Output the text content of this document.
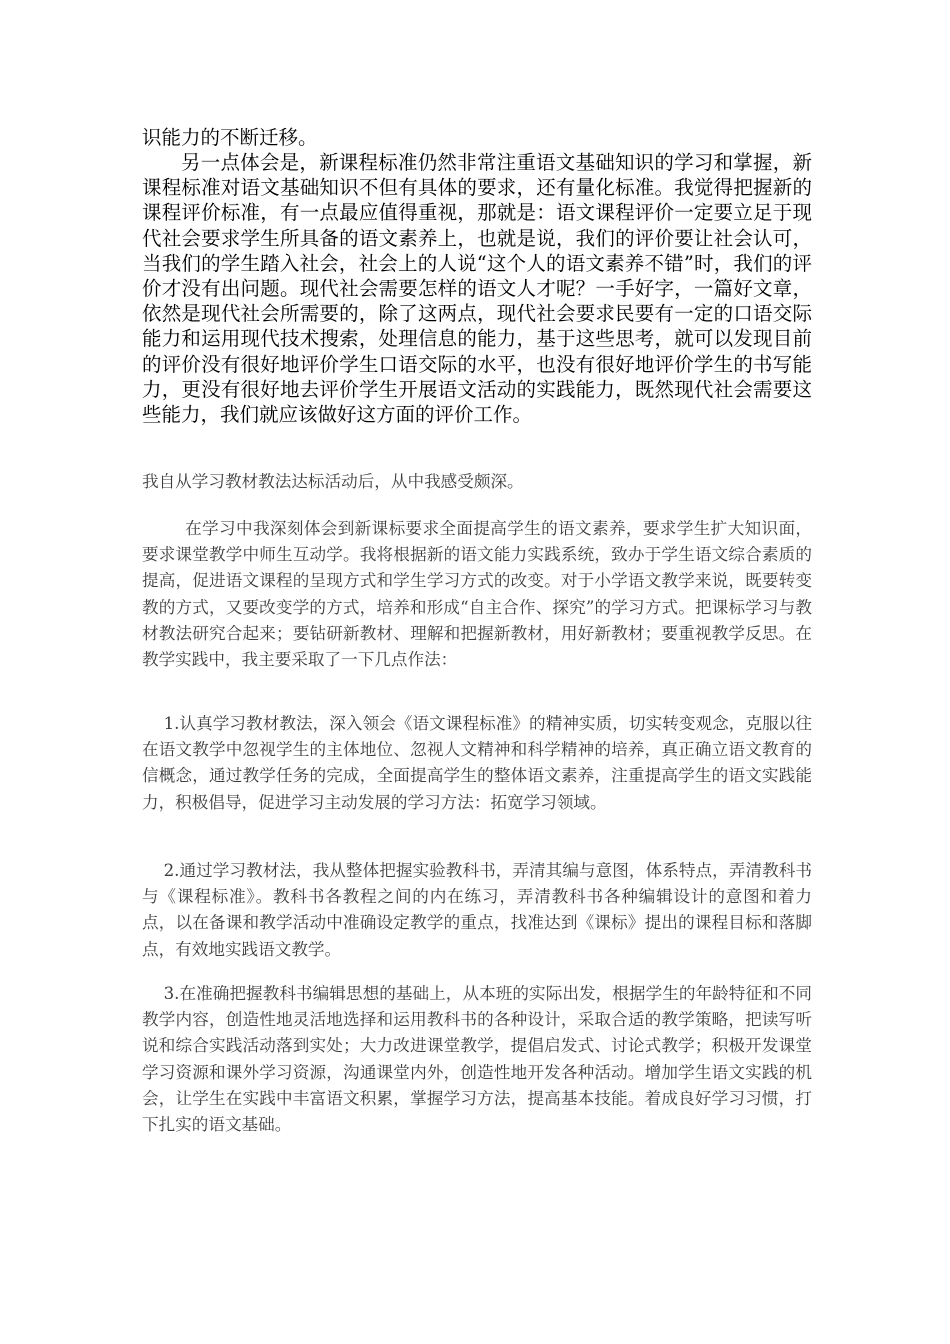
识能力的不断迁移。

另一点体会是，新课程标准仍然非常注重语文基础知识的学习和掌握，新课程标准对语文基础知识不但有具体的要求，还有量化标准。我觉得把握新的课程评价标准，有一点最应值得重视，那就是：语文课程评价一定要立足于现代社会要求学生所具备的语文素养上，也就是说，我们的评价要让社会认可，当我们的学生踏入社会，社会上的人说“这个人的语文素养不错”时，我们的评价才没有出问题。现代社会需要怎样的语文人才呢？一手好字，一篇好文章，依然是现代社会所需要的，除了这两点，现代社会要求民要有一定的口语交际能力和运用现代技术搜索，处理信息的能力，基于这些思考，就可以发现目前的评价没有很好地评价学生口语交际的水平，也没有很好地评价学生的书写能力，更没有很好地去评价学生开展语文活动的实践能力，既然现代社会需要这些能力，我们就应该做好这方面的评价工作。

我自从学习教材教法达标活动后，从中我感受颇深。

在学习中我深刻体会到新课标要求全面提高学生的语文素养，要求学生扩大知识面，要求课堂教学中师生互动学。我将根据新的语文能力实践系统，致办于学生语文综合素质的提高，促进语文课程的呈现方式和学生学习方式的改变。对于小学语文教学来说，既要转变教的方式，又要改变学的方式，培养和形成“自主合作、探究”的学习方式。把课标学习与教材教法研究合起来；要钻研新教材、理解和把握新教材，用好新教材；要重视教学反思。在教学实践中，我主要采取了一下几点作法：

1.认真学习教材教法，深入领会《语文课程标准》的精神实质，切实转变观念，克服以往在语文教学中忽视学生的主体地位、忽视人文精神和科学精神的培养，真正确立语文教育的信概念，通过教学任务的完成，全面提高学生的整体语文素养，注重提高学生的语文实践能力，积极倡导，促进学习主动发展的学习方法：拓宽学习领域。

2.通过学习教材法，我从整体把握实验教科书，弄清其编与意图，体系特点，弄清教科书与《课程标准》。教科书各教程之间的内在练习，弄清教科书各种编辑设计的意图和着力点，以在备课和教学活动中准确设定教学的重点，找准达到《课标》提出的课程目标和落脚点，有效地实践语文教学。

3.在准确把握教科书编辑思想的基础上，从本班的实际出发，根据学生的年龄特征和不同教学内容，创造性地灵活地选择和运用教科书的各种设计，采取合适的教学策略，把读写听说和综合实践活动落到实处；大力改进课堂教学，提倡启发式、讨论式教学；积极开发课堂学习资源和课外学习资源，沟通课堂内外，创造性地开发各种活动。增加学生语文实践的机会，让学生在实践中丰富语文积累，掌握学习方法，提高基本技能。着成良好学习习惯，打下扎实的语文基础。
